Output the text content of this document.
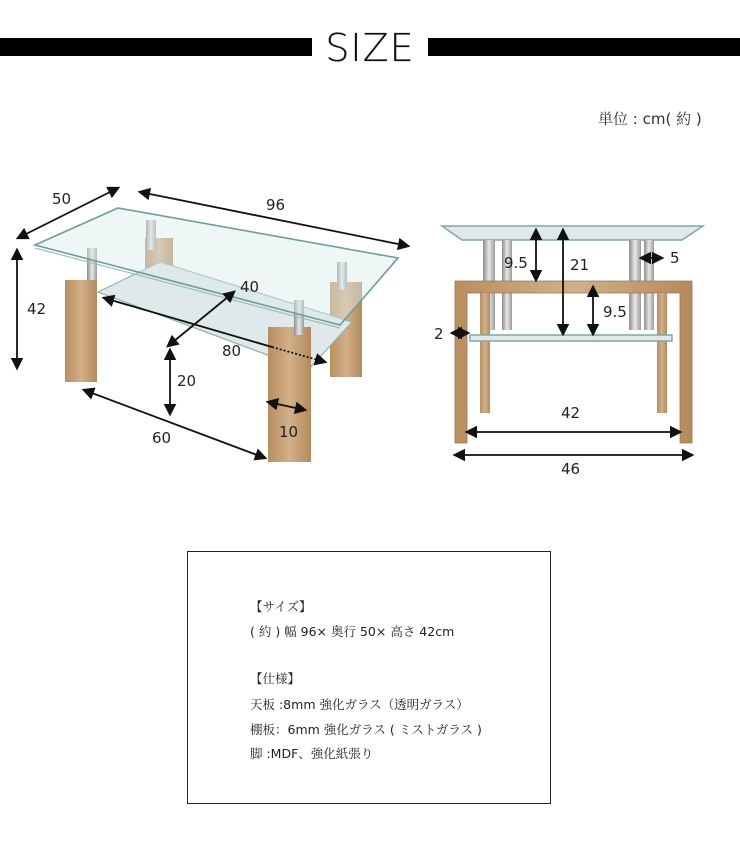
SIZE
単位 : cm( 約 )
50	96
42
40
80
20
10
60
9.5	21	5
9.5
2
42
46
【サイズ】
( 約 ) 幅 96× 奥行 50× 高さ 42cm
【仕様】
天板 :8mm 強化ガラス（透明ガラス）
棚板：6mm 強化ガラス ( ミストガラス )
脚 :MDF、強化紙張り
